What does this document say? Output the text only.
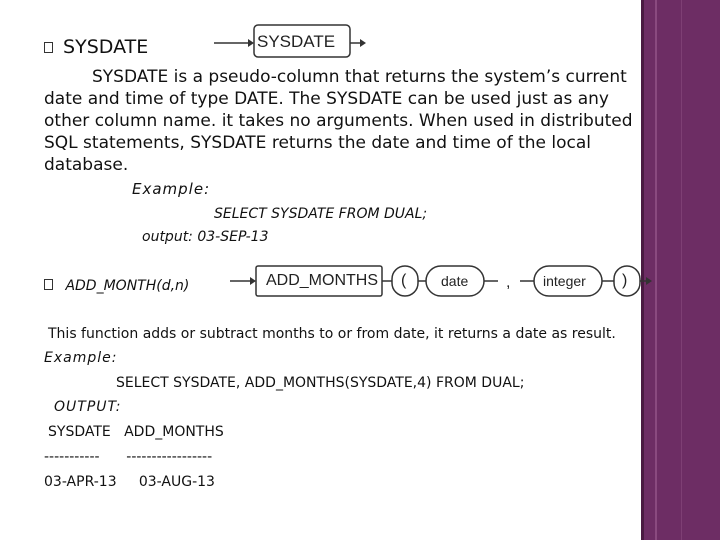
SYSDATE	SYSDATE
SYSDATE is a pseudo-column that returns the system’s current
date and time of type DATE. The SYSDATE can be used just as any
other column name. it takes no arguments. When used in distributed
SQL statements, SYSDATE returns the date and time of the local
database.
Example:
SELECT SYSDATE FROM DUAL;
output: 03-SEP-13
ADD_MONTH(d,n)	ADD_MONTHS ( date , integer )
This function adds or subtract months to or from date, it returns a date as result.
Example:
SELECT SYSDATE, ADD_MONTHS(SYSDATE,4) FROM DUAL;
OUTPUT:
SYSDATE   ADD_MONTHS
-----------      -----------------
03-APR-13     03-AUG-13
